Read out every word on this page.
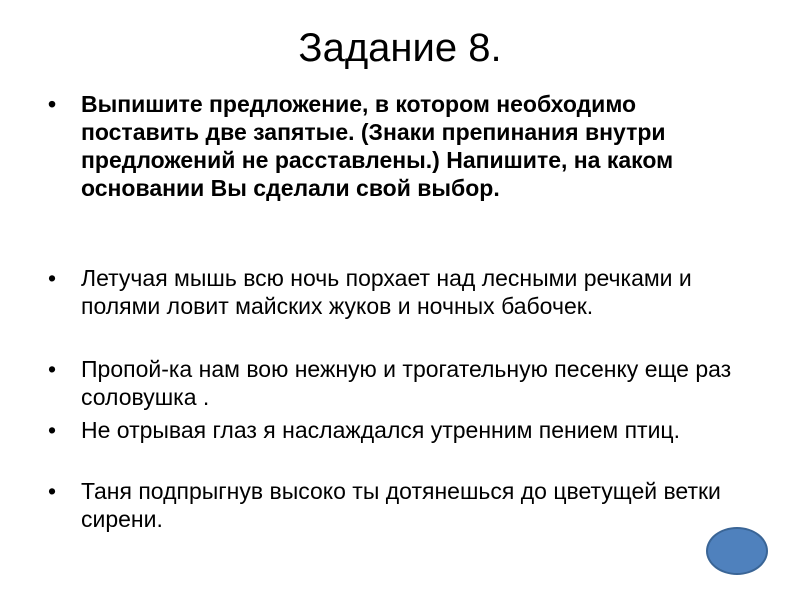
Задание 8.
•	Выпишите предложение, в котором необходимо поставить две запятые. (Знаки препинания внутри предложений не расставлены.) Напишите, на каком основании Вы сделали свой выбор.
•	Летучая мышь всю ночь порхает над лесными речками и полями ловит майских жуков и ночных бабочек.
•	Пропой-ка нам вою нежную и трогательную песенку еще раз соловушка .
•	Не отрывая глаз я наслаждался утренним пением птиц.
•	Таня подпрыгнув высоко ты дотянешься до цветущей ветки сирени.
